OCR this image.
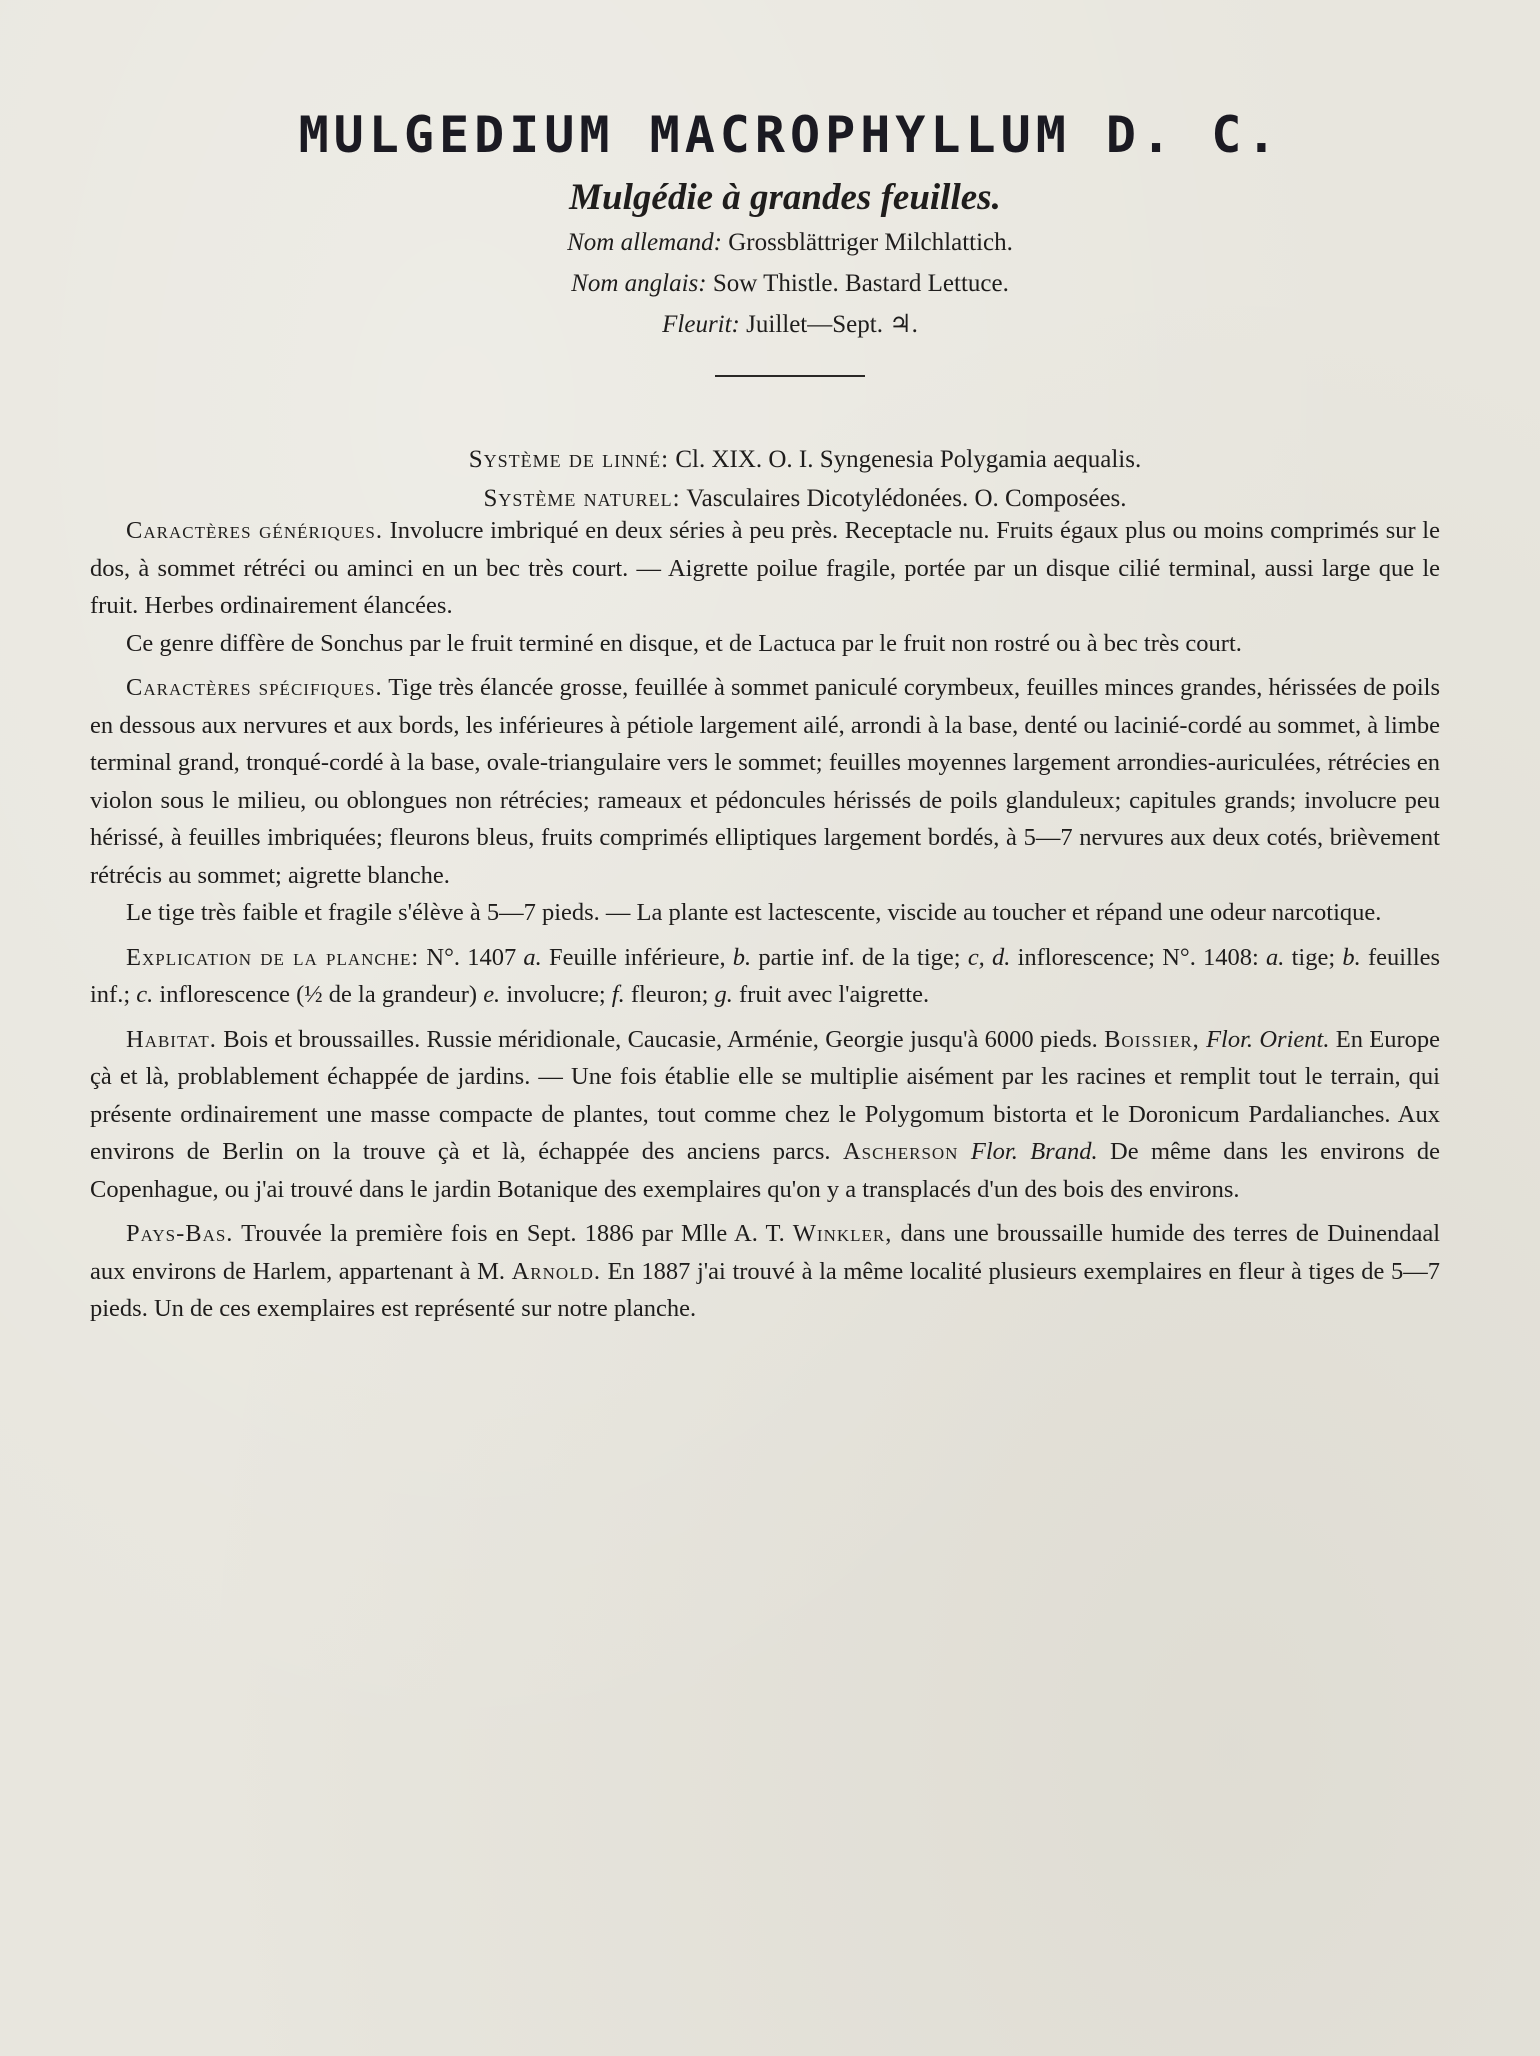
MULGEDIUM MACROPHYLLUM D. C.
Mulgédie à grandes feuilles.
Nom allemand: Grossblättriger Milchlattich.
Nom anglais: Sow Thistle. Bastard Lettuce.
Fleurit: Juillet—Sept. ♃.
Système de linné: Cl. XIX. O. I. Syngenesia Polygamia aequalis.
Système naturel: Vasculaires Dicotylédonées. O. Composées.

Caractères génériques. Involucre imbriqué en deux séries à peu près. Receptacle nu. Fruits égaux plus ou moins comprimés sur le dos, à sommet rétréci ou aminci en un bec très court. — Aigrette poilue fragile, portée par un disque cilié terminal, aussi large que le fruit. Herbes ordinairement élancées.

Ce genre diffère de Sonchus par le fruit terminé en disque, et de Lactuca par le fruit non rostré ou à bec très court.

Caractères spécifiques. Tige très élancée grosse, feuillée à sommet paniculé corymbeux, feuilles minces grandes, hérissées de poils en dessous aux nervures et aux bords, les inférieures à pétiole largement ailé, arrondi à la base, denté ou lacinié-cordé au sommet, à limbe terminal grand, tronqué-cordé à la base, ovale-triangulaire vers le sommet; feuilles moyennes largement arrondies-auriculées, rétrécies en violon sous le milieu, ou oblongues non rétrécies; rameaux et pédoncules hérissés de poils glanduleux; capitules grands; involucre peu hérissé, à feuilles imbriquées; fleurons bleus, fruits comprimés elliptiques largement bordés, à 5—7 nervures aux deux cotés, brièvement rétrécis au sommet; aigrette blanche.

Le tige très faible et fragile s'élève à 5—7 pieds. — La plante est lactescente, viscide au toucher et répand une odeur narcotique.

Explication de la planche: N°. 1407 a. Feuille inférieure, b. partie inf. de la tige; c, d. inflorescence; N°. 1408: a. tige; b. feuilles inf.; c. inflorescence (½ de la grandeur) e. involucre; f. fleuron; g. fruit avec l'aigrette.

Habitat. Bois et broussailles. Russie méridionale, Caucasie, Arménie, Georgie jusqu'à 6000 pieds. Boissier, Flor. Orient. En Europe çà et là, problablement échappée de jardins. — Une fois établie elle se multiplie aisément par les racines et remplit tout le terrain, qui présente ordinairement une masse compacte de plantes, tout comme chez le Polygomum bistorta et le Doronicum Pardalianches. Aux environs de Berlin on la trouve çà et là, échappée des anciens parcs. Ascherson Flor. Brand. De même dans les environs de Copenhague, ou j'ai trouvé dans le jardin Botanique des exemplaires qu'on y a transplacés d'un des bois des environs.

Pays-Bas. Trouvée la première fois en Sept. 1886 par Mlle A. T. Winkler, dans une broussaille humide des terres de Duinendaal aux environs de Harlem, appartenant à M. Arnold. En 1887 j'ai trouvé à la même localité plusieurs exemplaires en fleur à tiges de 5—7 pieds. Un de ces exemplaires est représenté sur notre planche.
